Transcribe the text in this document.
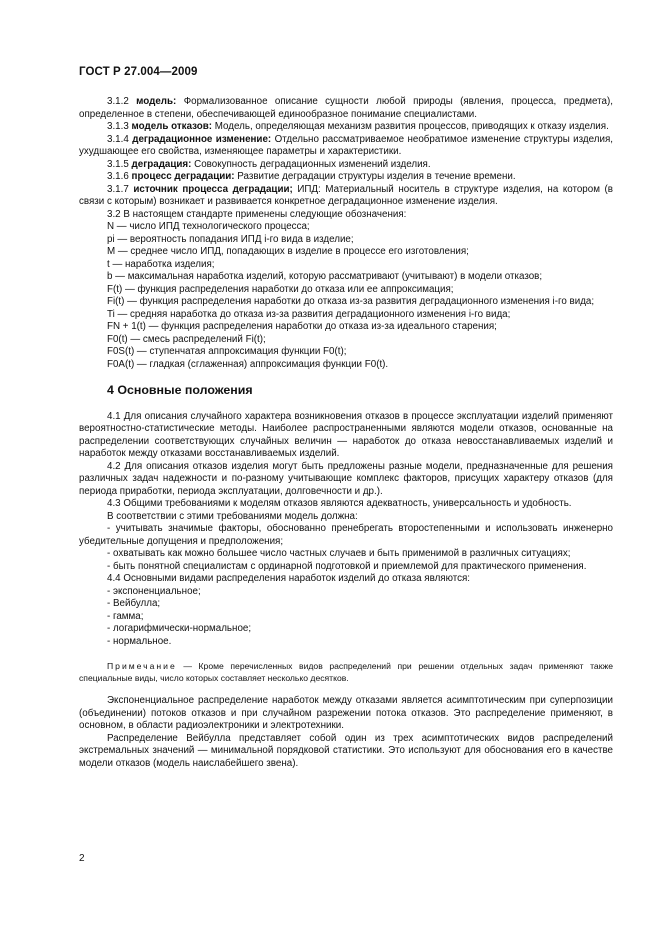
ГОСТ Р 27.004—2009

3.1.2 модель: Формализованное описание сущности любой природы (явления, процесса, предмета), определенное в степени, обеспечивающей единообразное понимание специалистами.

3.1.3 модель отказов: Модель, определяющая механизм развития процессов, приводящих к отказу изделия.

3.1.4 деградационное изменение: Отдельно рассматриваемое необратимое изменение структуры изделия, ухудшающее его свойства, изменяющее параметры и характеристики.

3.1.5 деградация: Совокупность деградационных изменений изделия.

3.1.6 процесс деградации: Развитие деградации структуры изделия в течение времени.

3.1.7 источник процесса деградации; ИПД: Материальный носитель в структуре изделия, на котором (в связи с которым) возникает и развивается конкретное деградационное изменение изделия.

3.2 В настоящем стандарте применены следующие обозначения:

N — число ИПД технологического процесса;

pi — вероятность попадания ИПД i-го вида в изделие;

M — среднее число ИПД, попадающих в изделие в процессе его изготовления;

t — наработка изделия;

b — максимальная наработка изделий, которую рассматривают (учитывают) в модели отказов;

F(t) — функция распределения наработки до отказа или ее аппроксимация;

Fi(t) — функция распределения наработки до отказа из-за развития деградационного изменения i-го вида;

Ti — средняя наработка до отказа из-за развития деградационного изменения i-го вида;

FN + 1(t) — функция распределения наработки до отказа из-за идеального старения;

F0(t) — смесь распределений Fi(t);

F0S(t) — ступенчатая аппроксимация функции F0(t);

F0A(t) — гладкая (сглаженная) аппроксимация функции F0(t).

4 Основные положения

4.1 Для описания случайного характера возникновения отказов в процессе эксплуатации изделий применяют вероятностно-статистические методы. Наиболее распространенными являются модели отказов, основанные на распределении соответствующих случайных величин — наработок до отказа невосстанавливаемых изделий и наработок между отказами восстанавливаемых изделий.

4.2 Для описания отказов изделия могут быть предложены разные модели, предназначенные для решения различных задач надежности и по-разному учитывающие комплекс факторов, присущих характеру отказов (для периода приработки, периода эксплуатации, долговечности и др.).

4.3 Общими требованиями к моделям отказов являются адекватность, универсальность и удобность.

В соответствии с этими требованиями модель должна:

- учитывать значимые факторы, обоснованно пренебрегать второстепенными и использовать инженерно убедительные допущения и предположения;

- охватывать как можно большее число частных случаев и быть применимой в различных ситуациях;

- быть понятной специалистам с ординарной подготовкой и приемлемой для практического применения.

4.4 Основными видами распределения наработок изделий до отказа являются:

- экспоненциальное;

- Вейбулла;

- гамма;

- логарифмически-нормальное;

- нормальное.

Примечание — Кроме перечисленных видов распределений при решении отдельных задач применяют также специальные виды, число которых составляет несколько десятков.

Экспоненциальное распределение наработок между отказами является асимптотическим при суперпозиции (объединении) потоков отказов и при случайном разрежении потока отказов. Это распределение применяют, в основном, в области радиоэлектроники и электротехники.

Распределение Вейбулла представляет собой один из трех асимптотических видов распределений экстремальных значений — минимальной порядковой статистики. Это используют для обоснования его в качестве модели отказов (модель наислабейшего звена).

2
